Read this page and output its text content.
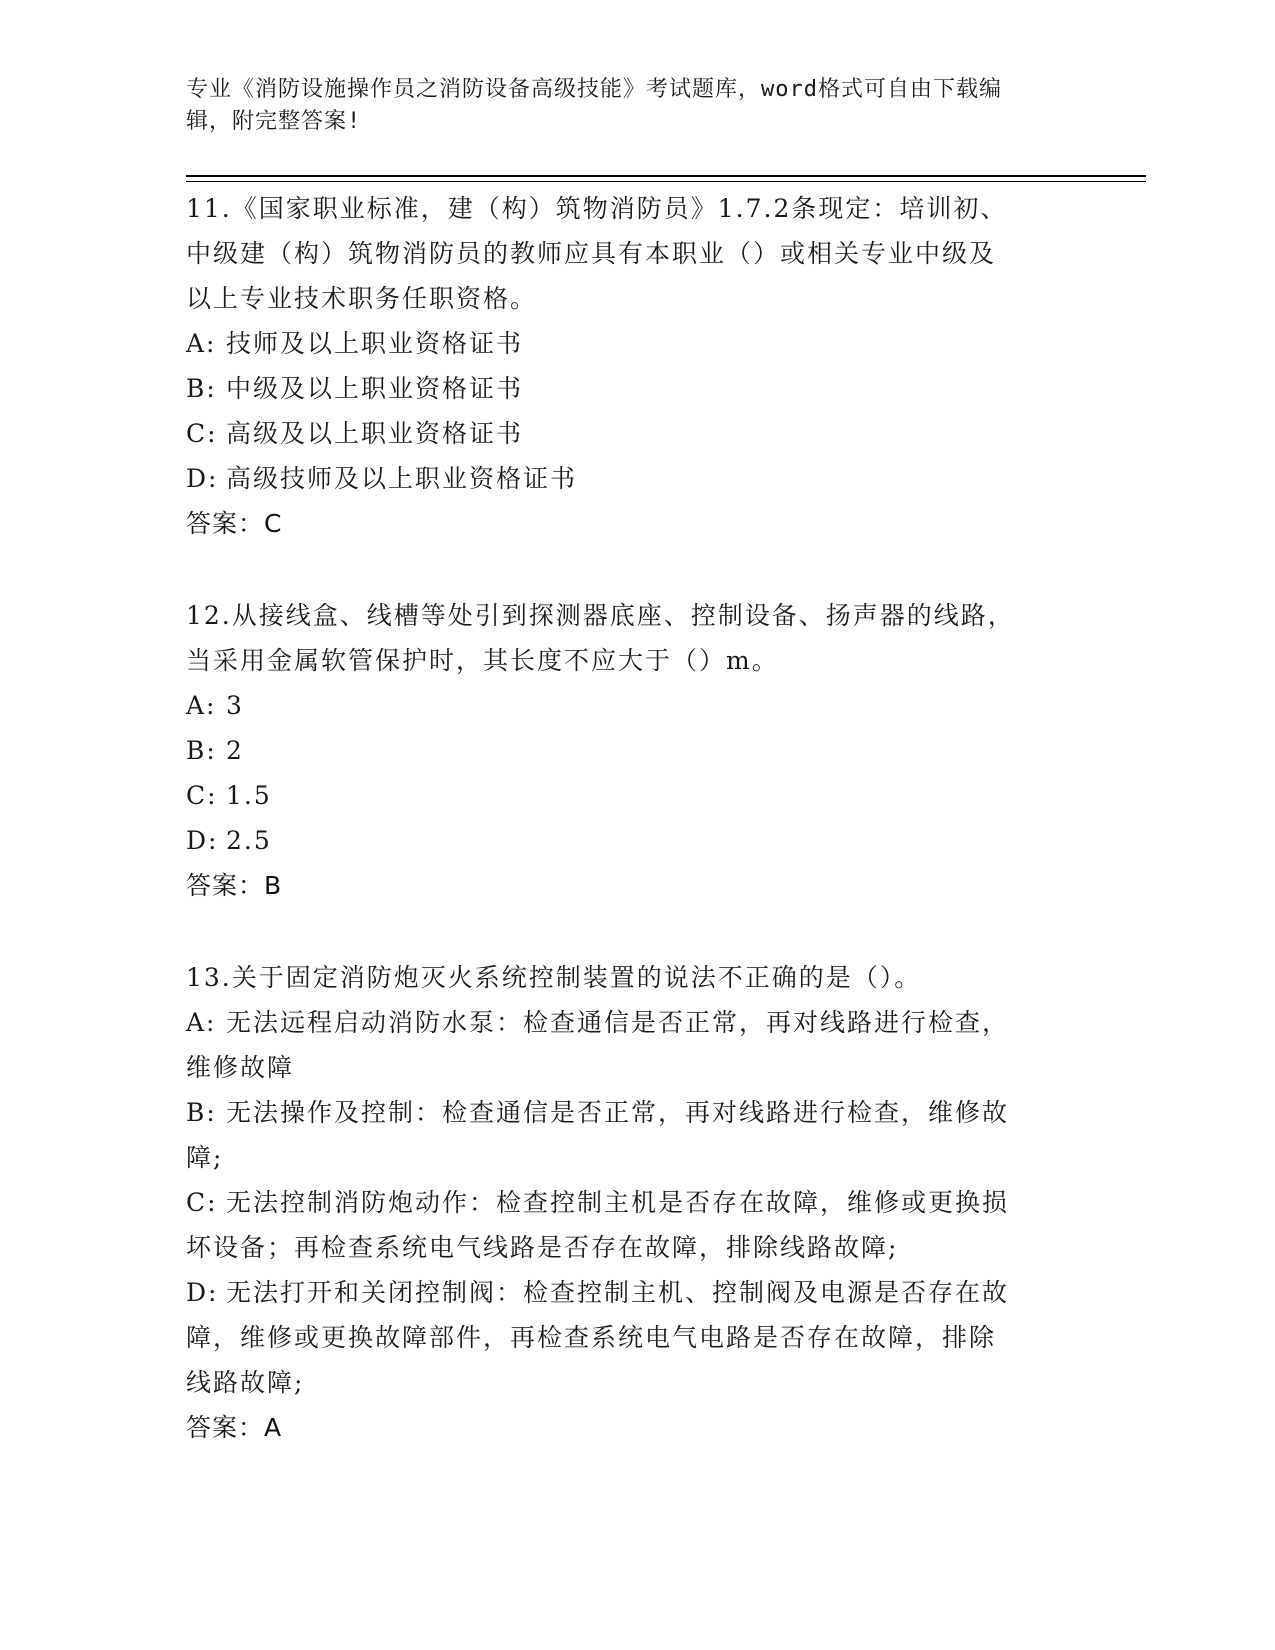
专业《消防设施操作员之消防设备高级技能》考试题库，word格式可自由下载编
辑，附完整答案!

11.《国家职业标准，建（构）筑物消防员》1.7.2条现定：培训初、

中级建（构）筑物消防员的教师应具有本职业（）或相关专业中级及

以上专业技术职务任职资格。

A: 技师及以上职业资格证书

B: 中级及以上职业资格证书

C: 高级及以上职业资格证书

D: 高级技师及以上职业资格证书

答案：C

12.从接线盒、线槽等处引到探测器底座、控制设备、扬声器的线路，

当采用金属软管保护时，其长度不应大于（）m。

A: 3

B: 2

C: 1.5

D: 2.5

答案：B

13.关于固定消防炮灭火系统控制装置的说法不正确的是（）。

A: 无法远程启动消防水泵：检查通信是否正常，再对线路进行检查，

维修故障

B: 无法操作及控制：检查通信是否正常，再对线路进行检查，维修故

障;

C: 无法控制消防炮动作：检查控制主机是否存在故障，维修或更换损

坏设备；再检查系统电气线路是否存在故障，排除线路故障;

D: 无法打开和关闭控制阀：检查控制主机、控制阀及电源是否存在故

障，维修或更换故障部件，再检查系统电气电路是否存在故障，排除

线路故障;

答案：A
